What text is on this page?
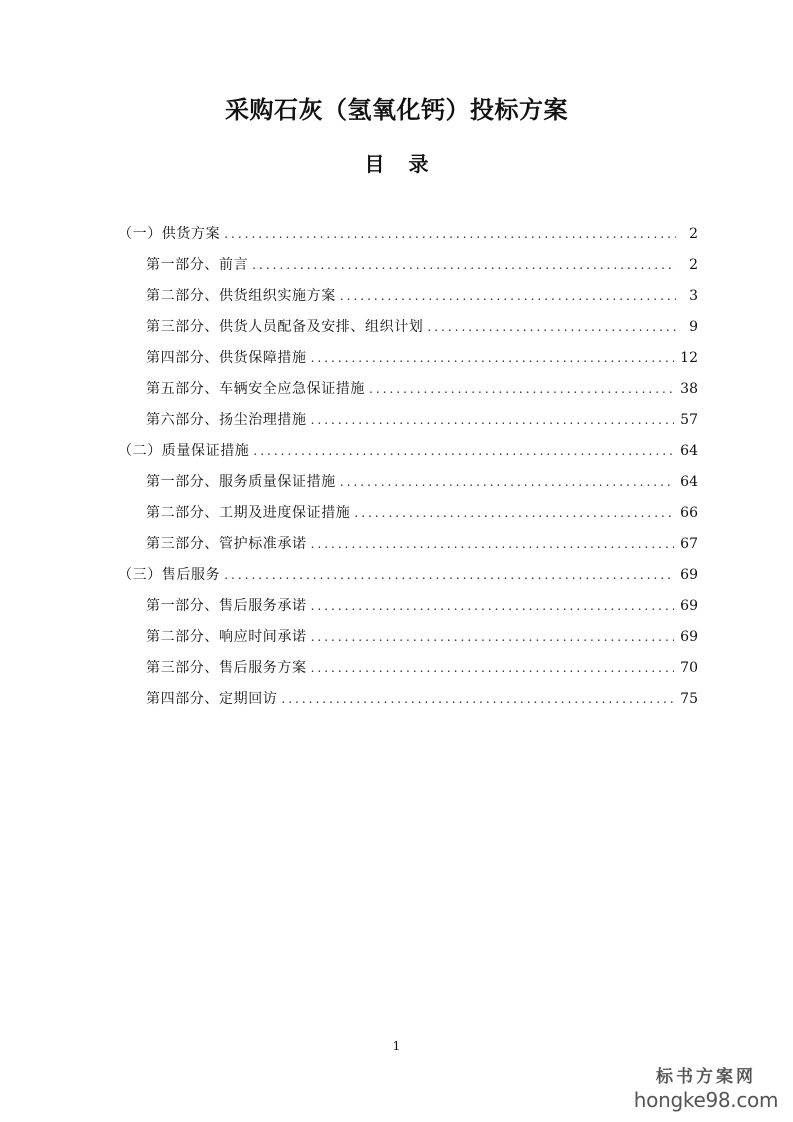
采购石灰（氢氧化钙）投标方案
目 录
（一）供货方案 .....	2
第一部分、前言 .....	2
第二部分、供货组织实施方案 .....	3
第三部分、供货人员配备及安排、组织计划 .....	9
第四部分、供货保障措施 .....	12
第五部分、车辆安全应急保证措施 .....	38
第六部分、扬尘治理措施 .....	57
（二）质量保证措施 .....	64
第一部分、服务质量保证措施 .....	64
第二部分、工期及进度保证措施 .....	66
第三部分、管护标准承诺 .....	67
（三）售后服务 .....	69
第一部分、售后服务承诺 .....	69
第二部分、响应时间承诺 .....	69
第三部分、售后服务方案 .....	70
第四部分、定期回访 .....	75
1
标书方案网
hongke98.com
